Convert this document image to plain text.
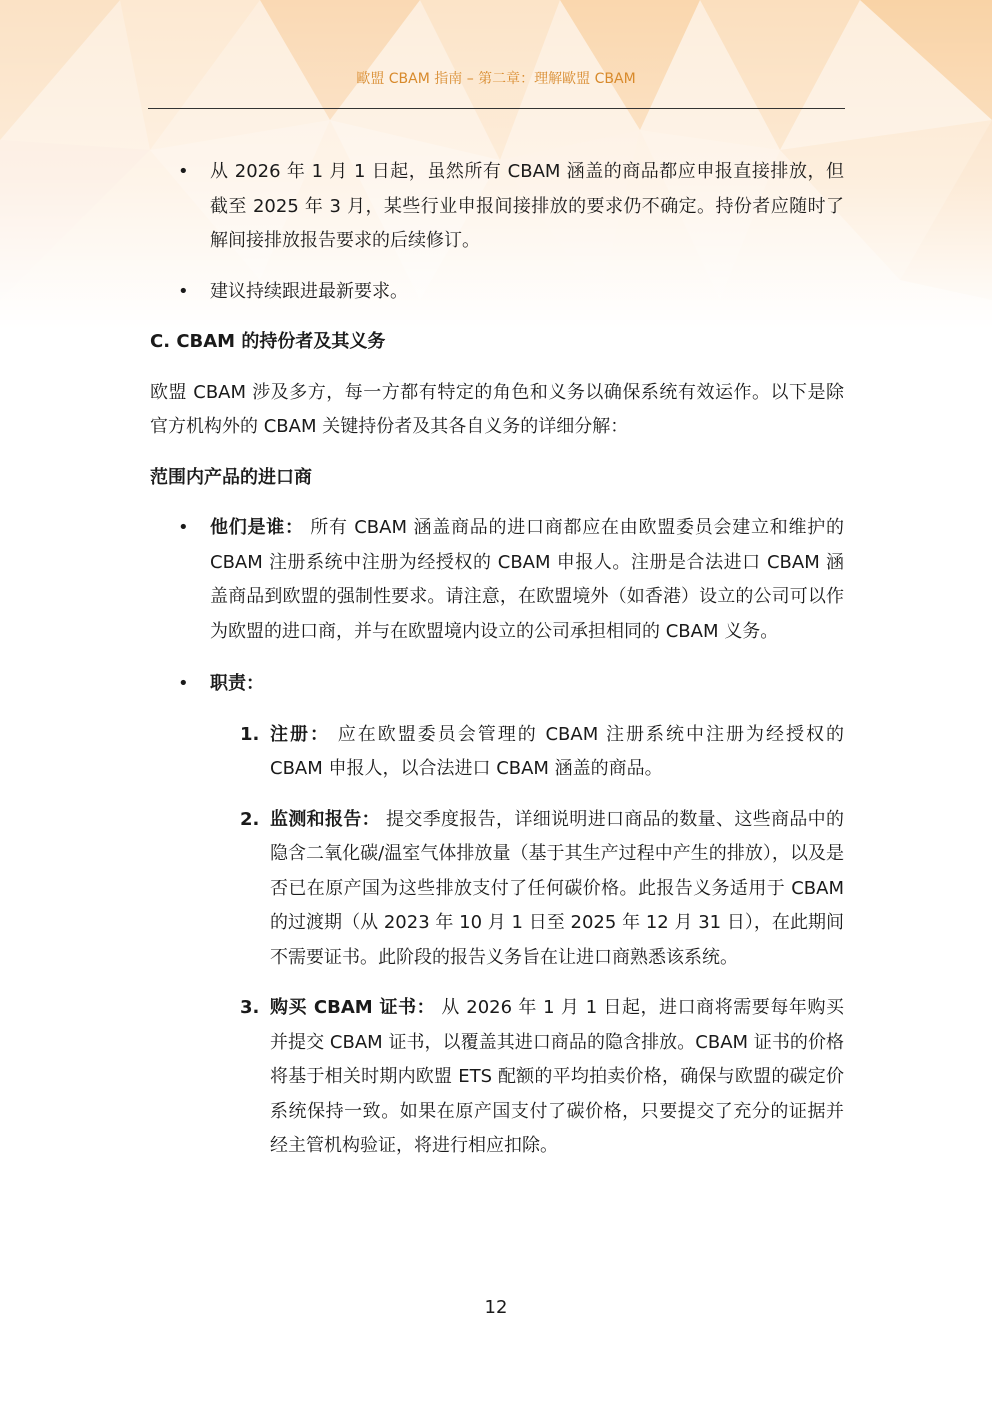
歐盟 CBAM 指南 – 第二章：理解歐盟 CBAM
• 从 2026 年 1 月 1 日起，虽然所有 CBAM 涵盖的商品都应申报直接排放，但截至 2025 年 3 月，某些行业申报间接排放的要求仍不确定。持份者应随时了解间接排放报告要求的后续修订。
• 建议持续跟进最新要求。
C. CBAM 的持份者及其义务
欧盟 CBAM 涉及多方，每一方都有特定的角色和义务以确保系统有效运作。以下是除官方机构外的 CBAM 关键持份者及其各自义务的详细分解：
范围内产品的进口商
• 他们是谁： 所有 CBAM 涵盖商品的进口商都应在由欧盟委员会建立和维护的 CBAM 注册系统中注册为经授权的 CBAM 申报人。注册是合法进口 CBAM 涵盖商品到欧盟的强制性要求。请注意，在欧盟境外（如香港）设立的公司可以作为欧盟的进口商，并与在欧盟境内设立的公司承担相同的 CBAM 义务。
• 职责：
1. 注册： 应在欧盟委员会管理的 CBAM 注册系统中注册为经授权的 CBAM 申报人，以合法进口 CBAM 涵盖的商品。
2. 监测和报告： 提交季度报告，详细说明进口商品的数量、这些商品中的隐含二氧化碳/温室气体排放量（基于其生产过程中产生的排放），以及是否已在原产国为这些排放支付了任何碳价格。此报告义务适用于 CBAM 的过渡期（从 2023 年 10 月 1 日至 2025 年 12 月 31 日），在此期间不需要证书。此阶段的报告义务旨在让进口商熟悉该系统。
3. 购买 CBAM 证书： 从 2026 年 1 月 1 日起，进口商将需要每年购买并提交 CBAM 证书，以覆盖其进口商品的隐含排放。CBAM 证书的价格将基于相关时期内欧盟 ETS 配额的平均拍卖价格，确保与欧盟的碳定价系统保持一致。如果在原产国支付了碳价格，只要提交了充分的证据并经主管机构验证，将进行相应扣除。
12
